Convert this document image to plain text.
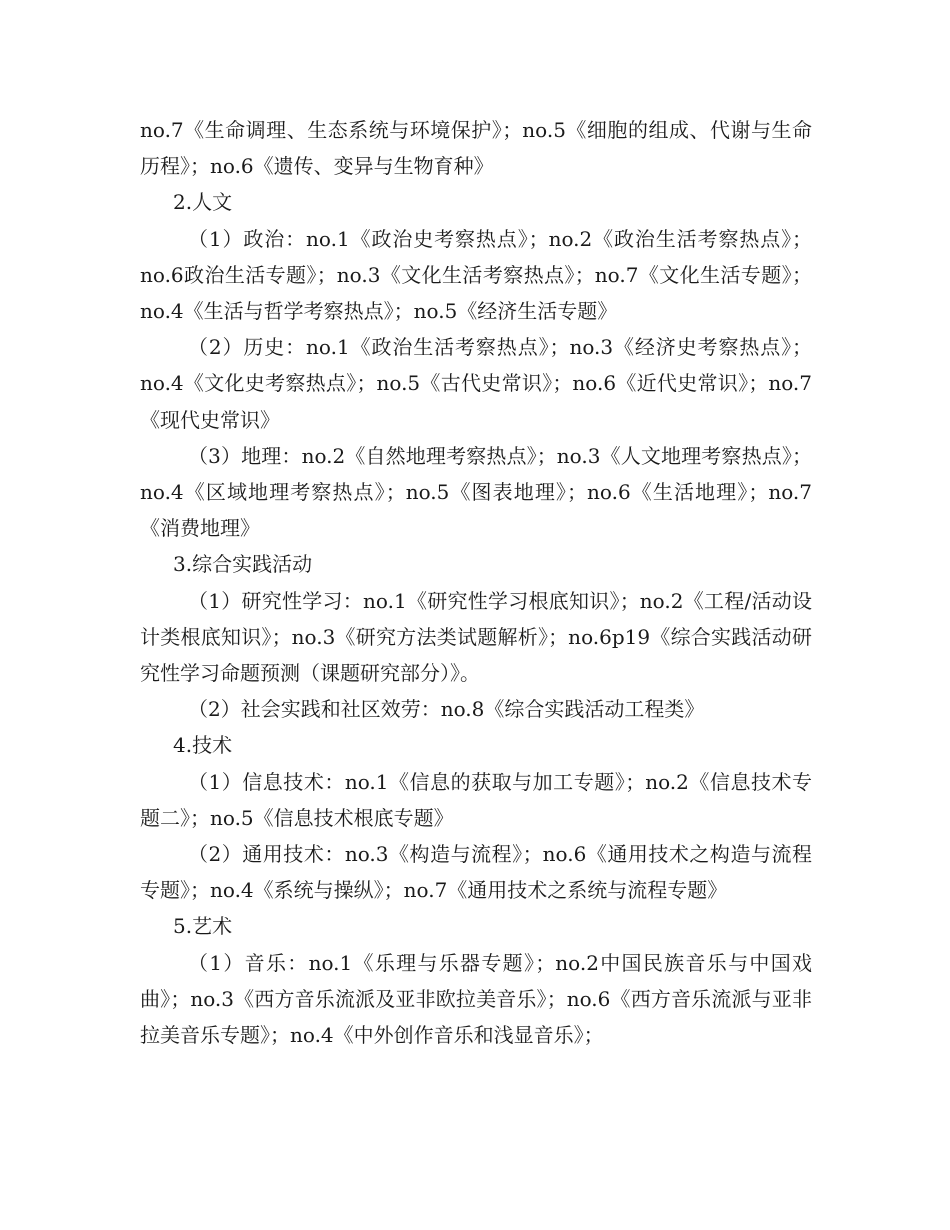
no.7《生命调理、生态系统与环境保护》；no.5《细胞的组成、代谢与生命历程》；no.6《遗传、变异与生物育种》

2.人文

（1）政治：no.1《政治史考察热点》；no.2《政治生活考察热点》；no.6政治生活专题》；no.3《文化生活考察热点》；no.7《文化生活专题》；no.4《生活与哲学考察热点》；no.5《经济生活专题》

（2）历史：no.1《政治生活考察热点》；no.3《经济史考察热点》；no.4《文化史考察热点》；no.5《古代史常识》；no.6《近代史常识》；no.7《现代史常识》

（3）地理：no.2《自然地理考察热点》；no.3《人文地理考察热点》；no.4《区域地理考察热点》；no.5《图表地理》；no.6《生活地理》；no.7《消费地理》

3.综合实践活动

（1）研究性学习：no.1《研究性学习根底知识》；no.2《工程/活动设计类根底知识》；no.3《研究方法类试题解析》；no.6p19《综合实践活动研究性学习命题预测（课题研究部分）》。

（2）社会实践和社区效劳：no.8《综合实践活动工程类》

4.技术

（1）信息技术：no.1《信息的获取与加工专题》；no.2《信息技术专题二》；no.5《信息技术根底专题》

（2）通用技术：no.3《构造与流程》；no.6《通用技术之构造与流程专题》；no.4《系统与操纵》；no.7《通用技术之系统与流程专题》

5.艺术

（1）音乐：no.1《乐理与乐器专题》；no.2中国民族音乐与中国戏曲》；no.3《西方音乐流派及亚非欧拉美音乐》；no.6《西方音乐流派与亚非拉美音乐专题》；no.4《中外创作音乐和浅显音乐》；
